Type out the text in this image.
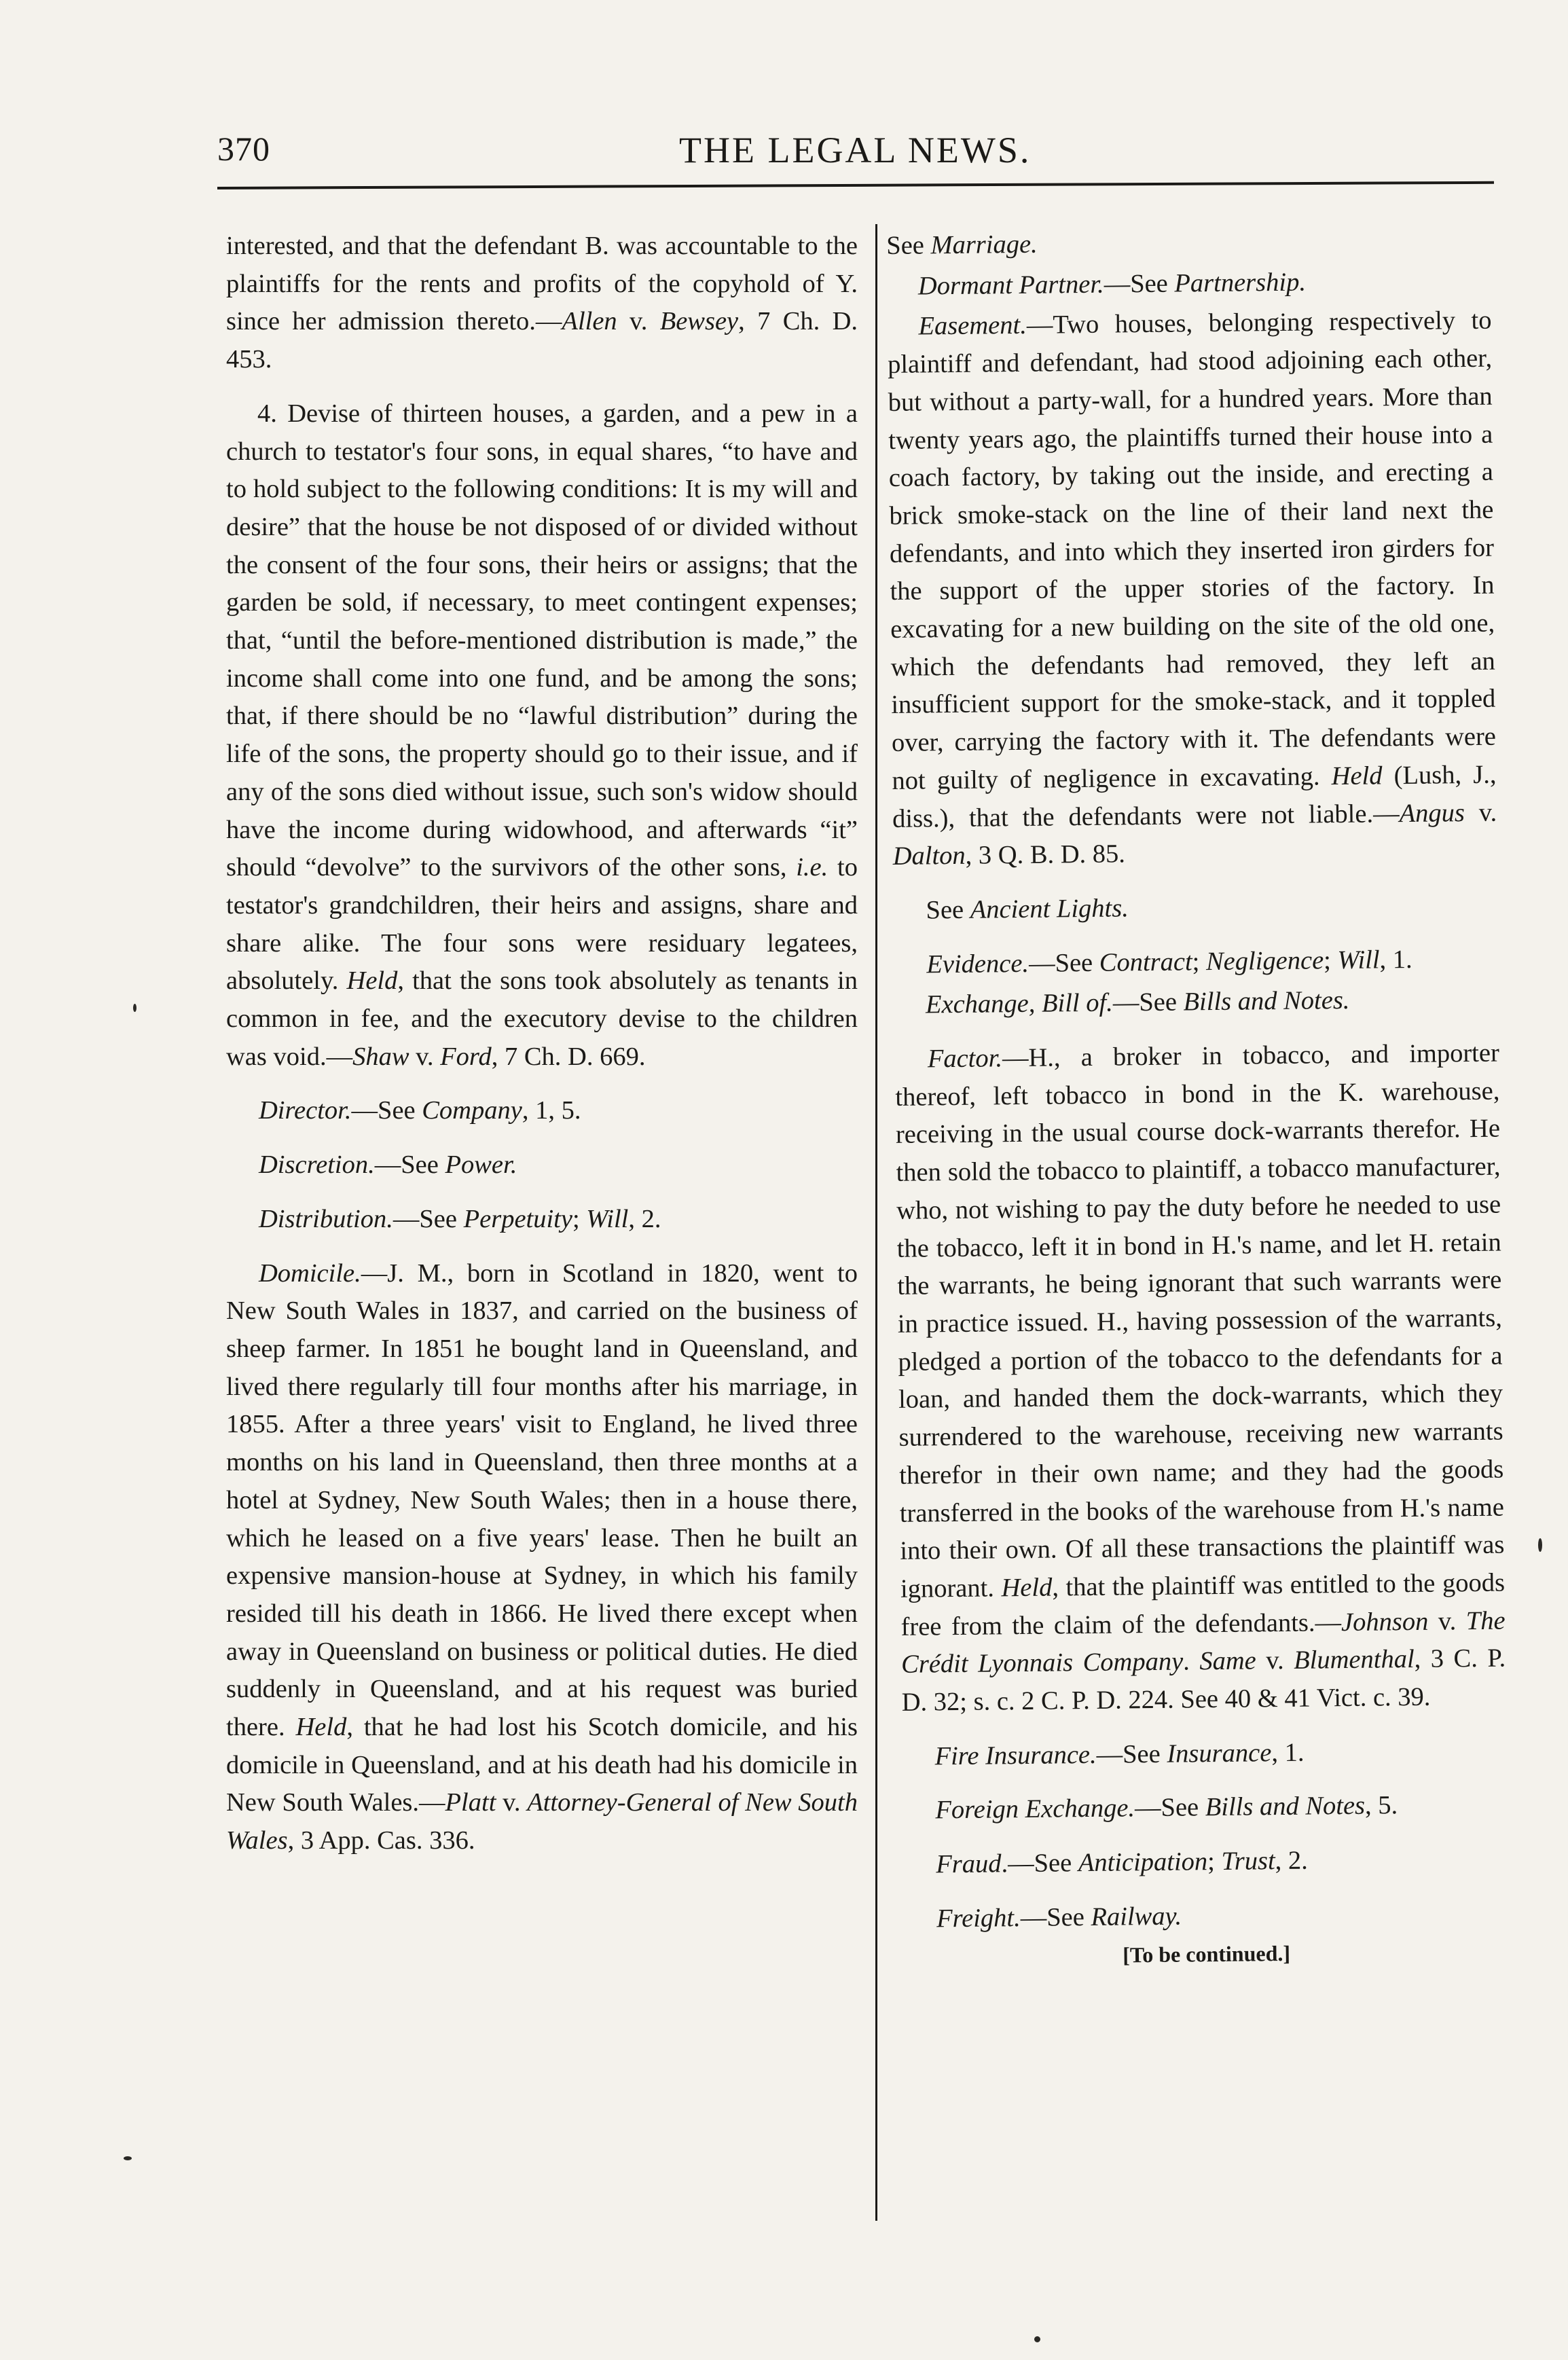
370	THE LEGAL NEWS.

interested, and that the defendant B. was accountable to the plaintiffs for the rents and profits of the copyhold of Y. since her admission thereto.—Allen v. Bewsey, 7 Ch. D. 453.

4. Devise of thirteen houses, a garden, and a pew in a church to testator's four sons, in equal shares, “to have and to hold subject to the following conditions: It is my will and desire” that the house be not disposed of or divided without the consent of the four sons, their heirs or assigns; that the garden be sold, if necessary, to meet contingent expenses; that, “until the before-mentioned distribution is made,” the income shall come into one fund, and be among the sons; that, if there should be no “lawful distribution” during the life of the sons, the property should go to their issue, and if any of the sons died without issue, such son's widow should have the income during widowhood, and afterwards “it” should “devolve” to the survivors of the other sons, i.e. to testator's grandchildren, their heirs and assigns, share and share alike. The four sons were residuary legatees, absolutely. Held, that the sons took absolutely as tenants in common in fee, and the executory devise to the children was void.—Shaw v. Ford, 7 Ch. D. 669.

Director.—See Company, 1, 5.

Discretion.—See Power.

Distribution.—See Perpetuity; Will, 2.

Domicile.—J. M., born in Scotland in 1820, went to New South Wales in 1837, and carried on the business of sheep farmer. In 1851 he bought land in Queensland, and lived there regularly till four months after his marriage, in 1855. After a three years' visit to England, he lived three months on his land in Queensland, then three months at a hotel at Sydney, New South Wales; then in a house there, which he leased on a five years' lease. Then he built an expensive mansion-house at Sydney, in which his family resided till his death in 1866. He lived there except when away in Queensland on business or political duties. He died suddenly in Queensland, and at his request was buried there. Held, that he had lost his Scotch domicile, and his domicile in Queensland, and at his death had his domicile in New South Wales.—Platt v. Attorney-General of New South Wales, 3 App. Cas. 336.

See Marriage.

Dormant Partner.—See Partnership.

Easement.—Two houses, belonging respectively to plaintiff and defendant, had stood adjoining each other, but without a party-wall, for a hundred years. More than twenty years ago, the plaintiffs turned their house into a coach factory, by taking out the inside, and erecting a brick smoke-stack on the line of their land next the defendants, and into which they inserted iron girders for the support of the upper stories of the factory. In excavating for a new building on the site of the old one, which the defendants had removed, they left an insufficient support for the smoke-stack, and it toppled over, carrying the factory with it. The defendants were not guilty of negligence in excavating. Held (Lush, J., diss.), that the defendants were not liable.—Angus v. Dalton, 3 Q. B. D. 85.

See Ancient Lights.

Evidence.—See Contract; Negligence; Will, 1.

Exchange, Bill of.—See Bills and Notes.

Factor.—H., a broker in tobacco, and importer thereof, left tobacco in bond in the K. warehouse, receiving in the usual course dock-warrants therefor. He then sold the tobacco to plaintiff, a tobacco manufacturer, who, not wishing to pay the duty before he needed to use the tobacco, left it in bond in H.'s name, and let H. retain the warrants, he being ignorant that such warrants were in practice issued. H., having possession of the warrants, pledged a portion of the tobacco to the defendants for a loan, and handed them the dock-warrants, which they surrendered to the warehouse, receiving new warrants therefor in their own name; and they had the goods transferred in the books of the warehouse from H.'s name into their own. Of all these transactions the plaintiff was ignorant. Held, that the plaintiff was entitled to the goods free from the claim of the defendants.—Johnson v. The Crédit Lyonnais Company. Same v. Blumenthal, 3 C. P. D. 32; s. c. 2 C. P. D. 224. See 40 & 41 Vict. c. 39.

Fire Insurance.—See Insurance, 1.

Foreign Exchange.—See Bills and Notes, 5.

Fraud.—See Anticipation; Trust, 2.

Freight.—See Railway.

[To be continued.]
